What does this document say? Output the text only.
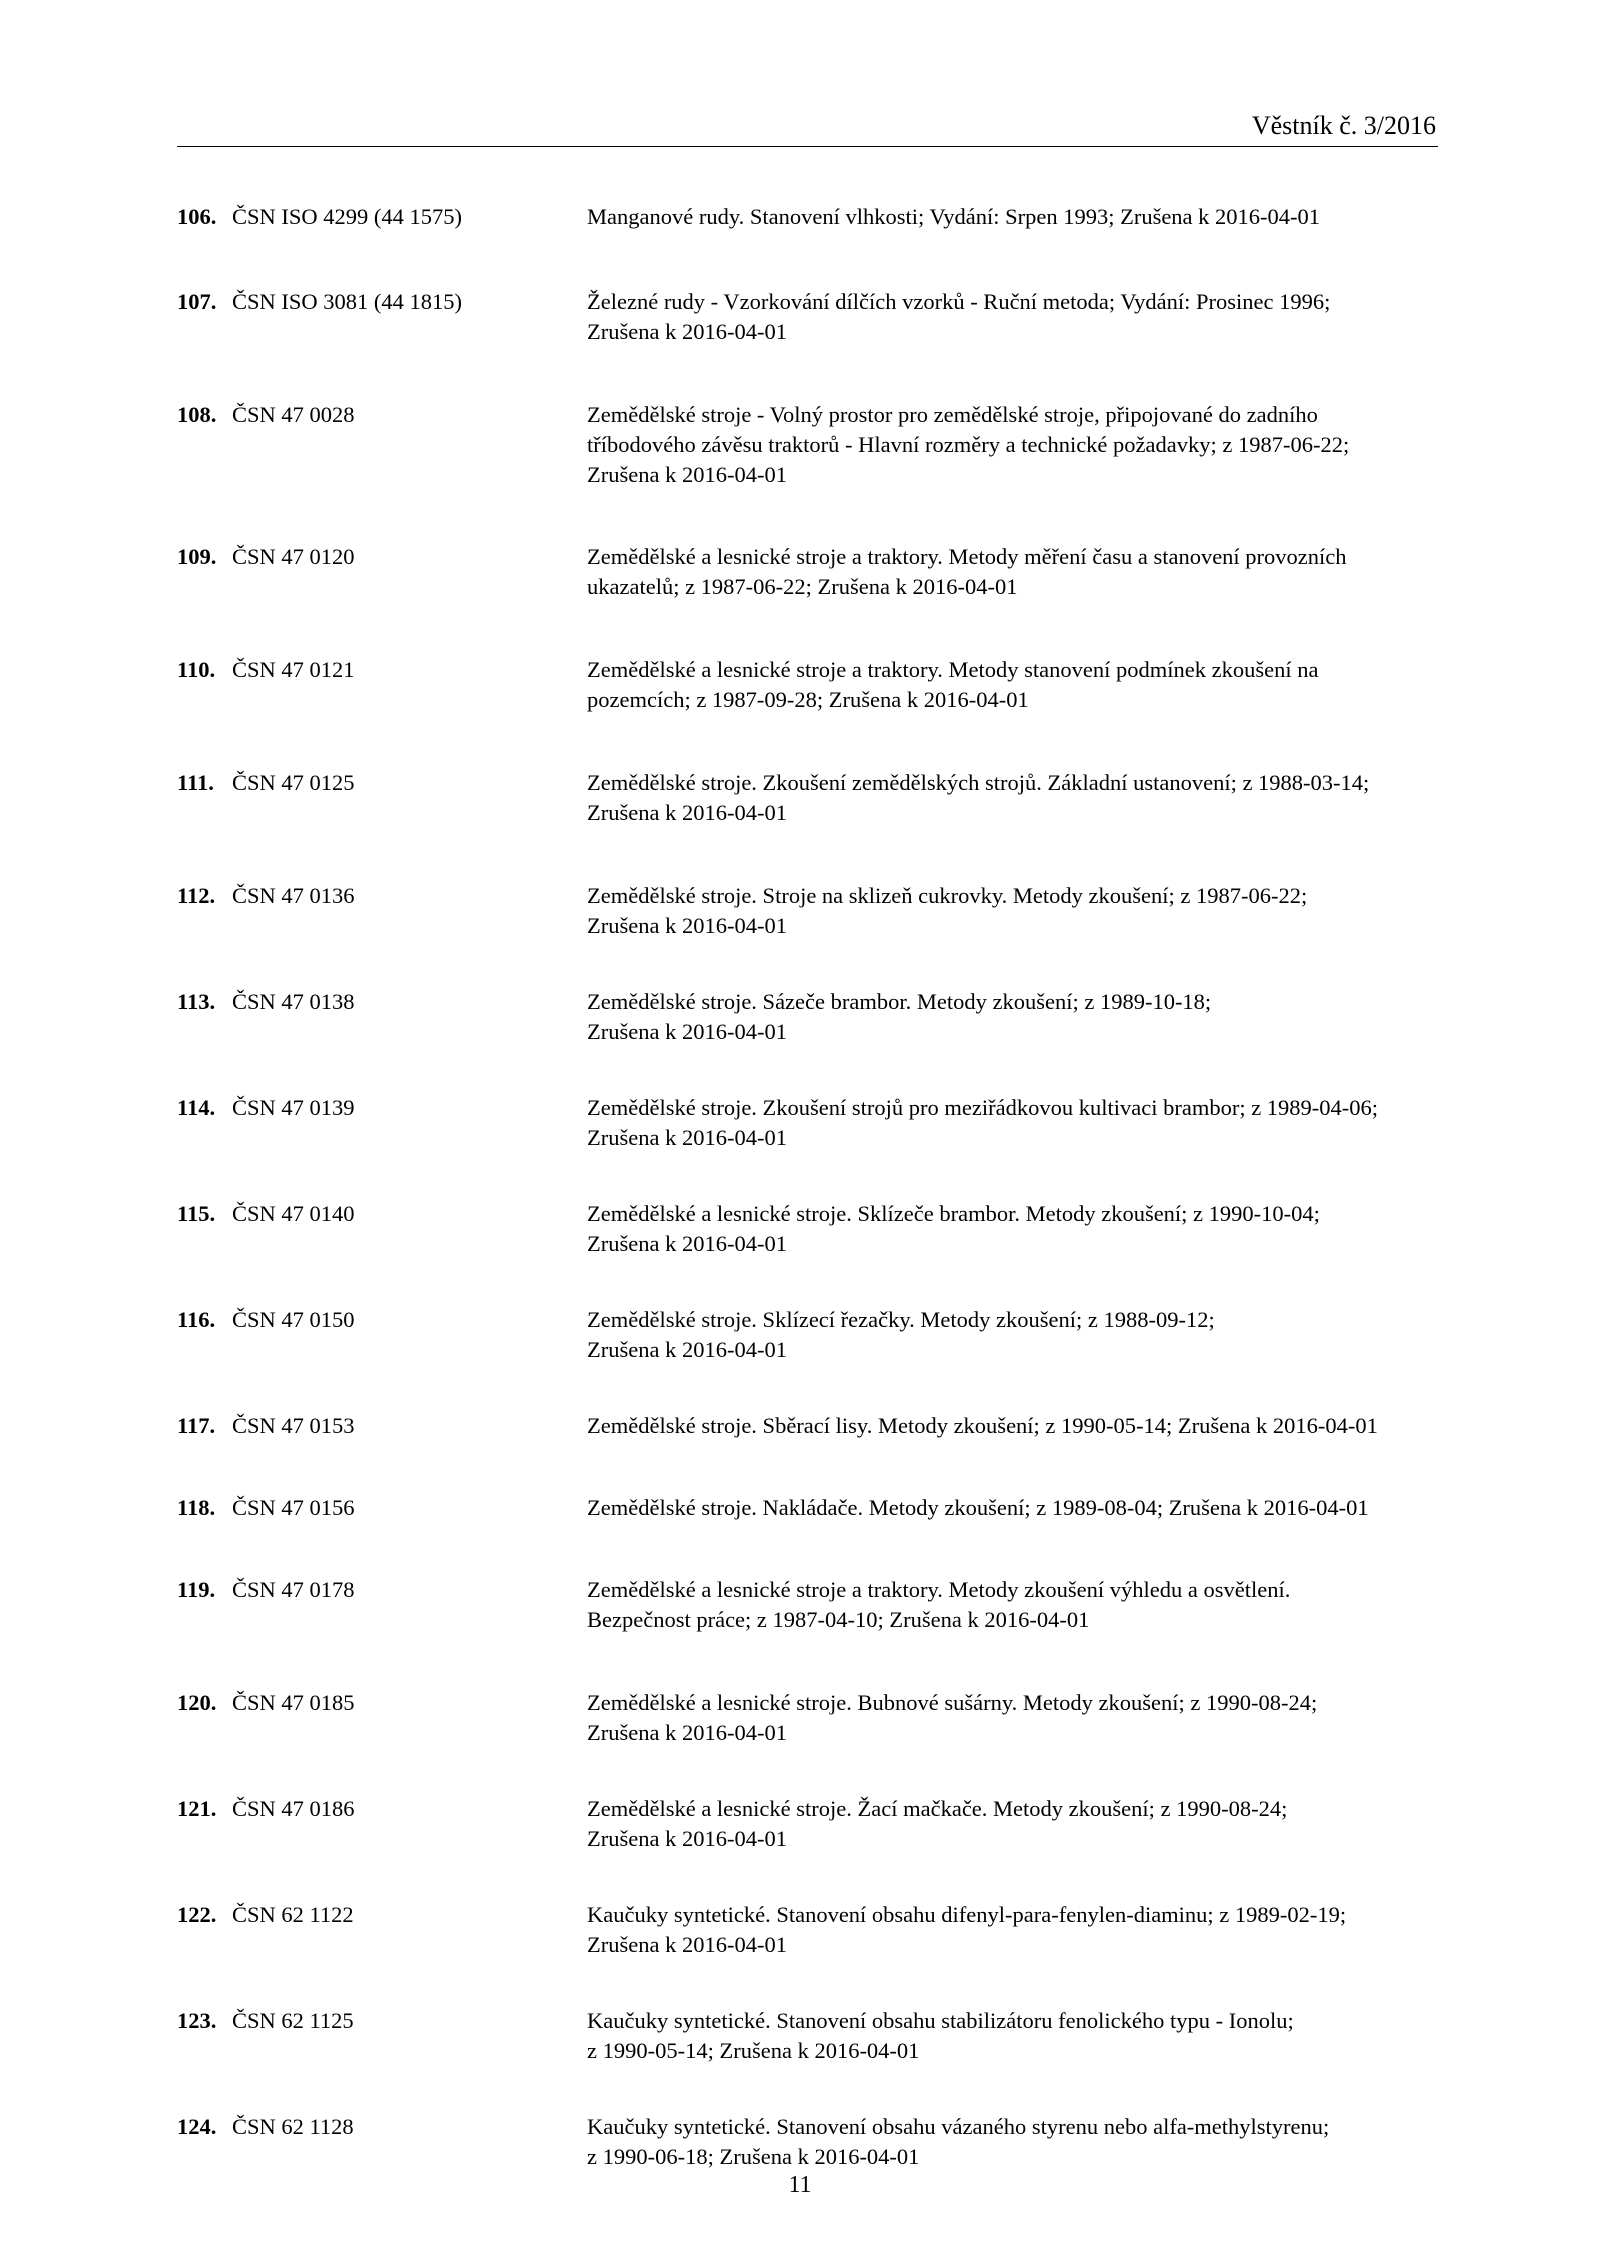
Věstník č. 3/2016
106. ČSN ISO 4299 (44 1575)	Manganové rudy. Stanovení vlhkosti; Vydání: Srpen 1993; Zrušena k 2016-04-01
107. ČSN ISO 3081 (44 1815)	Železné rudy - Vzorkování dílčích vzorků - Ruční metoda; Vydání: Prosinec 1996;
Zrušena k 2016-04-01
108. ČSN 47 0028	Zemědělské stroje - Volný prostor pro zemědělské stroje, připojované do zadního
tříbodového závěsu traktorů - Hlavní rozměry a technické požadavky; z 1987-06-22;
Zrušena k 2016-04-01
109. ČSN 47 0120	Zemědělské a lesnické stroje a traktory. Metody měření času a stanovení provozních
ukazatelů; z 1987-06-22; Zrušena k 2016-04-01
110. ČSN 47 0121	Zemědělské a lesnické stroje a traktory. Metody stanovení podmínek zkoušení na
pozemcích; z 1987-09-28; Zrušena k 2016-04-01
111. ČSN 47 0125	Zemědělské stroje. Zkoušení zemědělských strojů. Základní ustanovení; z 1988-03-14;
Zrušena k 2016-04-01
112. ČSN 47 0136	Zemědělské stroje. Stroje na sklizeň cukrovky. Metody zkoušení; z 1987-06-22;
Zrušena k 2016-04-01
113. ČSN 47 0138	Zemědělské stroje. Sázeče brambor. Metody zkoušení; z 1989-10-18;
Zrušena k 2016-04-01
114. ČSN 47 0139	Zemědělské stroje. Zkoušení strojů pro meziřádkovou kultivaci brambor; z 1989-04-06;
Zrušena k 2016-04-01
115. ČSN 47 0140	Zemědělské a lesnické stroje. Sklízeče brambor. Metody zkoušení; z 1990-10-04;
Zrušena k 2016-04-01
116. ČSN 47 0150	Zemědělské stroje. Sklízecí řezačky. Metody zkoušení; z 1988-09-12;
Zrušena k 2016-04-01
117. ČSN 47 0153	Zemědělské stroje. Sběrací lisy. Metody zkoušení; z 1990-05-14; Zrušena k 2016-04-01
118. ČSN 47 0156	Zemědělské stroje. Nakládače. Metody zkoušení; z 1989-08-04; Zrušena k 2016-04-01
119. ČSN 47 0178	Zemědělské a lesnické stroje a traktory. Metody zkoušení výhledu a osvětlení.
Bezpečnost práce; z 1987-04-10; Zrušena k 2016-04-01
120. ČSN 47 0185	Zemědělské a lesnické stroje. Bubnové sušárny. Metody zkoušení; z 1990-08-24;
Zrušena k 2016-04-01
121. ČSN 47 0186	Zemědělské a lesnické stroje. Žací mačkače. Metody zkoušení; z 1990-08-24;
Zrušena k 2016-04-01
122. ČSN 62 1122	Kaučuky syntetické. Stanovení obsahu difenyl-para-fenylen-diaminu; z 1989-02-19;
Zrušena k 2016-04-01
123. ČSN 62 1125	Kaučuky syntetické. Stanovení obsahu stabilizátoru fenolického typu - Ionolu;
z 1990-05-14; Zrušena k 2016-04-01
124. ČSN 62 1128	Kaučuky syntetické. Stanovení obsahu vázaného styrenu nebo alfa-methylstyrenu;
z 1990-06-18; Zrušena k 2016-04-01
11
